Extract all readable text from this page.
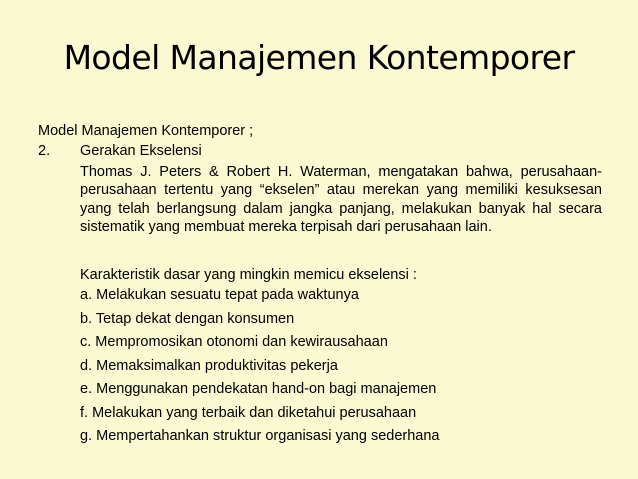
Model Manajemen Kontemporer
Model Manajemen Kontemporer ;
2. Gerakan Ekselensi

Thomas J. Peters & Robert H. Waterman, mengatakan bahwa, perusahaan-perusahaan tertentu yang “ekselen” atau merekan yang memiliki kesuksesan yang telah berlangsung dalam jangka panjang, melakukan banyak hal secara sistematik yang membuat mereka terpisah dari perusahaan lain.

Karakteristik dasar yang mingkin memicu ekselensi :
a. Melakukan sesuatu tepat pada waktunya
b. Tetap dekat dengan konsumen
c. Mempromosikan otonomi dan kewirausahaan
d. Memaksimalkan produktivitas pekerja
e. Menggunakan pendekatan hand-on bagi manajemen
f. Melakukan yang terbaik dan diketahui perusahaan
g. Mempertahankan struktur organisasi yang sederhana
